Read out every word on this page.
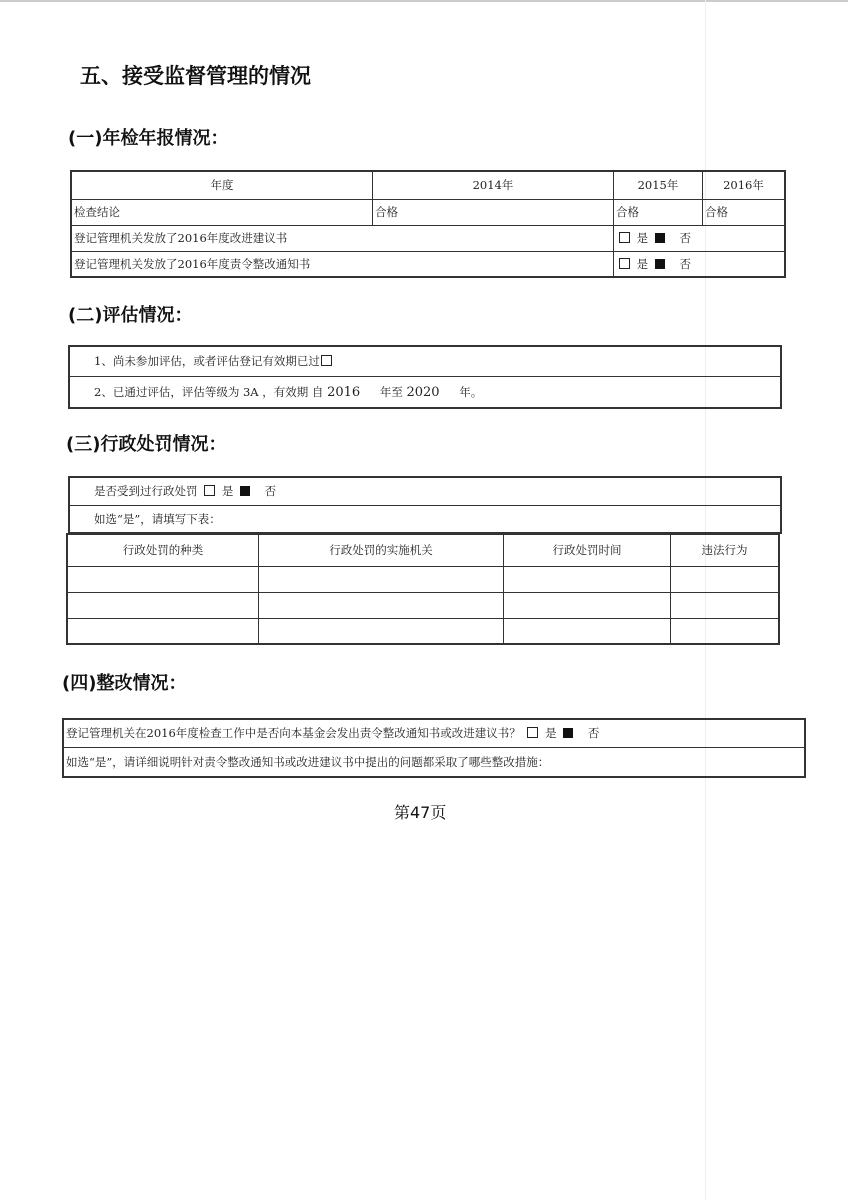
五、接受监督管理的情况
(一)年检年报情况：
年度	2014年	2015年	2016年
检查结论	合格	合格	合格
登记管理机关发放了2016年度改进建议书		是 否	
登记管理机关发放了2016年度责令整改通知书		是 否	
(二)评估情况：
1、尚未参加评估，或者评估登记有效期已过
2、已通过评估，评估等级为 3A ，有效期 自 2016 年至 2020 年。
(三)行政处罚情况：
是否受到过行政处罚 是	否
如选“是”，请填写下表：
行政处罚的种类	行政处罚的实施机关	行政处罚时间	违法行为

(四)整改情况：
登记管理机关在2016年度检查工作中是否向本基金会发出责令整改通知书或改进建议书？ 是	否
如选“是”，请详细说明针对责令整改通知书或改进建议书中提出的问题都采取了哪些整改措施：
第47页
